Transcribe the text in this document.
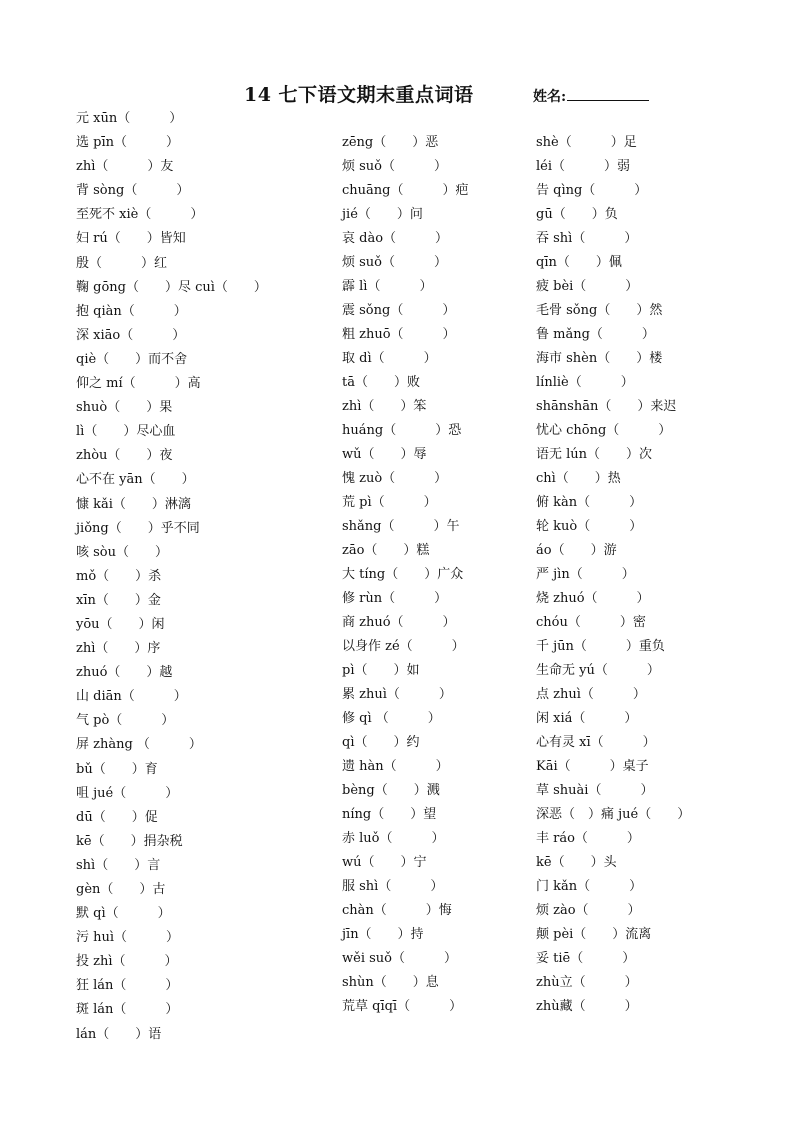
14 七下语文期末重点词语	姓名:
元 xūn（　　　）
选 pīn（　　　）
zhì（　　　）友
背 sòng（　　　）
至死不 xiè（　　　）
妇 rú（　　）皆知
殷（　　　）红
鞠 gōng（　　）尽 cuì（　　）
抱 qiàn（　　　）
深 xiāo（　　　）
qiè（　　）而不舍
仰之 mí（　　　）高
shuò（　　）果
lì（　　）尽心血
zhòu（　　）夜
心不在 yān（　　）
慷 kǎi（　　）淋漓
jiǒng（　　）乎不同
咳 sòu（　　）
mǒ（　　）杀
xīn（　　）金
yōu（　　）闲
zhì（　　）序
zhuó（　　）越
山 diān（　　　）
气 pò（　　　）
屏 zhàng （　　　）
bǔ（　　）育
咀 jué（　　　）
dū（　　）促
kē（　　）捐杂税
shì（　　）言
gèn（　　）古
默 qì（　　　）
污 huì（　　　）
投 zhì（　　　）
狂 lán（　　　）
斑 lán（　　　）
lán（　　）语
zēng（　　）恶
烦 suǒ（　　　）
chuāng（　　　）疤
jié（　　）问
哀 dào（　　　）
烦 suǒ（　　　）
霹 lì（　　　）
震 sǒng（　　　）
粗 zhuō（　　　）
取 dì（　　　）
tā（　　）败
zhì（　　）笨
huáng（　　　）恐
wǔ（　　）辱
愧 zuò（　　　）
荒 pì（　　　）
shǎng（　　　）午
zāo（　　）糕
大 tíng（　　）广众
修 rùn（　　　）
商 zhuó（　　　）
以身作 zé（　　　）
pì（　　）如
累 zhuì（　　　）
修 qì （　　　）
qì（　　）约
遗 hàn（　　　）
bèng（　　）溅
níng（　　）望
赤 luǒ（　　　）
wú（　　）宁
服 shì（　　　）
chàn（　　　）悔
jīn（　　）持
wěi suǒ（　　　）
shùn（　　）息
荒草 qīqī（　　　）
shè（　　　）足
léi（　　　）弱
告 qìng（　　　）
gū（　　）负
吞 shì（　　　）
qīn（　　）佩
疲 bèi（　　　）
毛骨 sǒng（　　）然
鲁 mǎng（　　　）
海市 shèn（　　）楼
línliè（　　　）
shānshān（　　）来迟
忧心 chōng（　　　）
语无 lún（　　）次
chì（　　）热
俯 kàn（　　　）
轮 kuò（　　　）
áo（　　）游
严 jìn（　　　）
烧 zhuó（　　　）
chóu（　　　）密
千 jūn（　　　）重负
生命无 yú（　　　）
点 zhuì（　　　）
闲 xiá（　　　）
心有灵 xī（　　　）
Kāi（　　　）桌子
草 shuài（　　　）
深恶（　）痛 jué（　　）
丰 ráo（　　　）
kē（　　）头
门 kǎn（　　　）
烦 zào（　　　）
颠 pèi（　　）流离
妥 tiē（　　　）
zhù立（　　　）
zhù藏（　　　）
